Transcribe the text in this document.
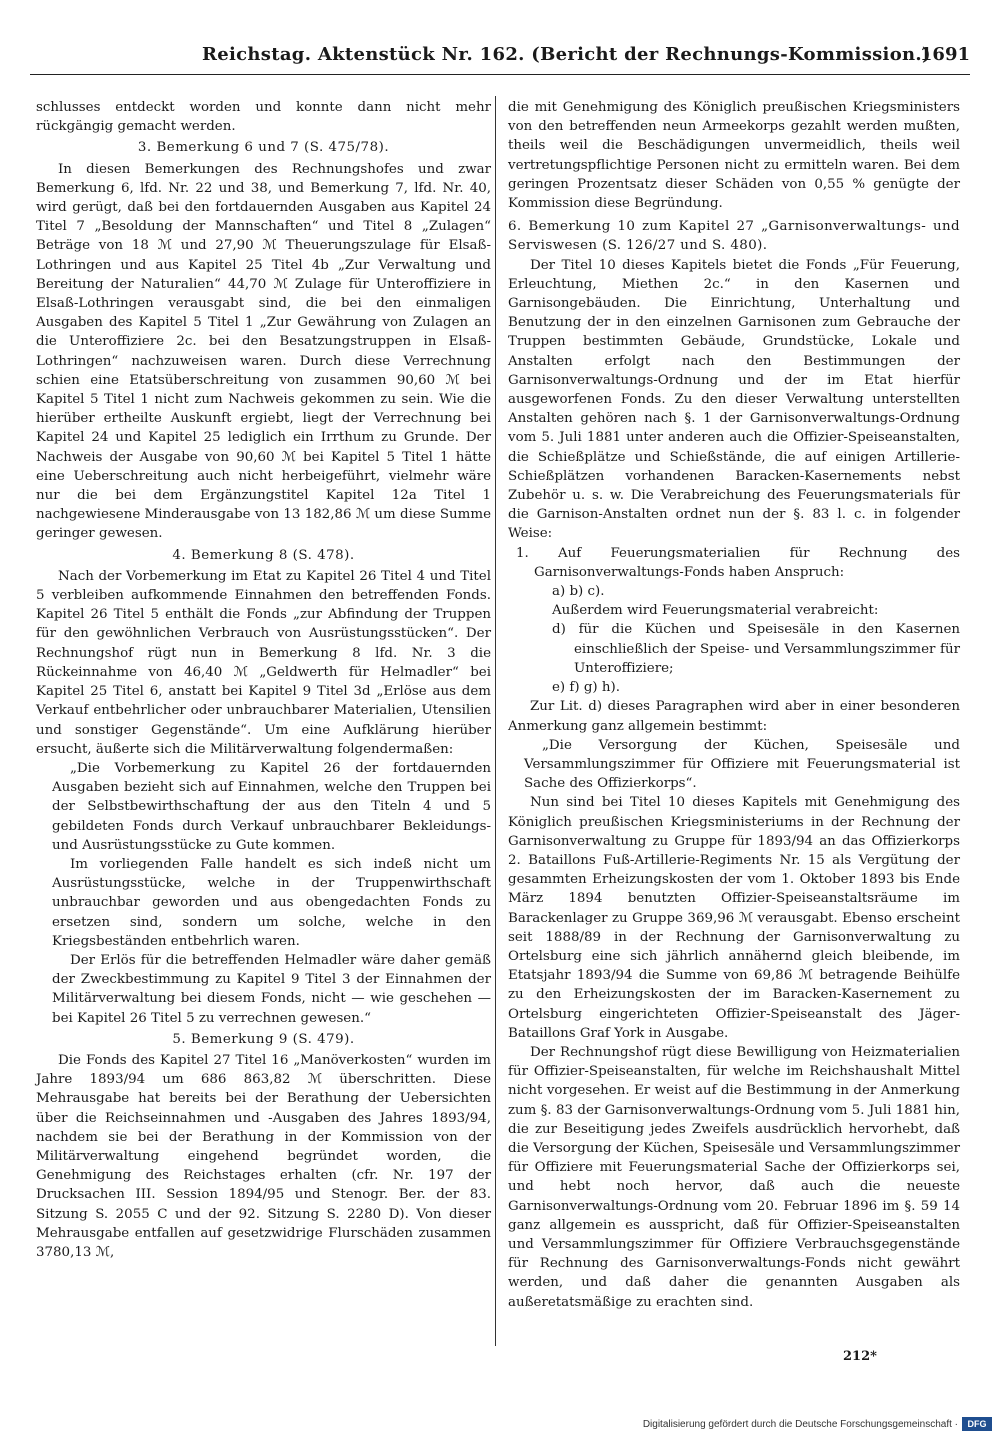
Reichstag. Aktenstück Nr. 162. (Bericht der Rechnungs-Kommission.)
1691

schlusses entdeckt worden und konnte dann nicht mehr rückgängig gemacht werden.

3. Bemerkung 6 und 7 (S. 475/78).

In diesen Bemerkungen des Rechnungshofes und zwar Bemerkung 6, lfd. Nr. 22 und 38, und Bemerkung 7, lfd. Nr. 40, wird gerügt, daß bei den fortdauernden Ausgaben aus Kapitel 24 Titel 7 „Besoldung der Mannschaften“ und Titel 8 „Zulagen“ Beträge von 18 ℳ und 27,90 ℳ Theuerungszulage für Elsaß-Lothringen und aus Kapitel 25 Titel 4b „Zur Verwaltung und Bereitung der Naturalien“ 44,70 ℳ Zulage für Unteroffiziere in Elsaß-Lothringen verausgabt sind, die bei den einmaligen Ausgaben des Kapitel 5 Titel 1 „Zur Gewährung von Zulagen an die Unteroffiziere 2c. bei den Besatzungstruppen in Elsaß-Lothringen“ nachzuweisen waren. Durch diese Verrechnung schien eine Etatsüberschreitung von zusammen 90,60 ℳ bei Kapitel 5 Titel 1 nicht zum Nachweis gekommen zu sein. Wie die hierüber ertheilte Auskunft ergiebt, liegt der Verrechnung bei Kapitel 24 und Kapitel 25 lediglich ein Irrthum zu Grunde. Der Nachweis der Ausgabe von 90,60 ℳ bei Kapitel 5 Titel 1 hätte eine Ueberschreitung auch nicht herbeigeführt, vielmehr wäre nur die bei dem Ergänzungstitel Kapitel 12a Titel 1 nachgewiesene Minderausgabe von 13 182,86 ℳ um diese Summe geringer gewesen.

4. Bemerkung 8 (S. 478).

Nach der Vorbemerkung im Etat zu Kapitel 26 Titel 4 und Titel 5 verbleiben aufkommende Einnahmen den betreffenden Fonds. Kapitel 26 Titel 5 enthält die Fonds „zur Abfindung der Truppen für den gewöhnlichen Verbrauch von Ausrüstungsstücken“. Der Rechnungshof rügt nun in Bemerkung 8 lfd. Nr. 3 die Rückeinnahme von 46,40 ℳ „Geldwerth für Helmadler“ bei Kapitel 25 Titel 6, anstatt bei Kapitel 9 Titel 3d „Erlöse aus dem Verkauf entbehrlicher oder unbrauchbarer Materialien, Utensilien und sonstiger Gegenstände“. Um eine Aufklärung hierüber ersucht, äußerte sich die Militärverwaltung folgendermaßen:

„Die Vorbemerkung zu Kapitel 26 der fortdauernden Ausgaben bezieht sich auf Einnahmen, welche den Truppen bei der Selbstbewirthschaftung der aus den Titeln 4 und 5 gebildeten Fonds durch Verkauf unbrauchbarer Bekleidungs- und Ausrüstungsstücke zu Gute kommen.

Im vorliegenden Falle handelt es sich indeß nicht um Ausrüstungsstücke, welche in der Truppenwirthschaft unbrauchbar geworden und aus obengedachten Fonds zu ersetzen sind, sondern um solche, welche in den Kriegsbeständen entbehrlich waren.

Der Erlös für die betreffenden Helmadler wäre daher gemäß der Zweckbestimmung zu Kapitel 9 Titel 3 der Einnahmen der Militärverwaltung bei diesem Fonds, nicht — wie geschehen — bei Kapitel 26 Titel 5 zu verrechnen gewesen.“

5. Bemerkung 9 (S. 479).

Die Fonds des Kapitel 27 Titel 16 „Manöverkosten“ wurden im Jahre 1893/94 um 686 863,82 ℳ überschritten. Diese Mehrausgabe hat bereits bei der Berathung der Uebersichten über die Reichseinnahmen und -Ausgaben des Jahres 1893/94, nachdem sie bei der Berathung in der Kommission von der Militärverwaltung eingehend begründet worden, die Genehmigung des Reichstages erhalten (cfr. Nr. 197 der Drucksachen III. Session 1894/95 und Stenogr. Ber. der 83. Sitzung S. 2055 C und der 92. Sitzung S. 2280 D). Von dieser Mehrausgabe entfallen auf gesetzwidrige Flurschäden zusammen 3780,13 ℳ,

die mit Genehmigung des Königlich preußischen Kriegsministers von den betreffenden neun Armeekorps gezahlt werden mußten, theils weil die Beschädigungen unvermeidlich, theils weil vertretungspflichtige Personen nicht zu ermitteln waren. Bei dem geringen Prozentsatz dieser Schäden von 0,55 % genügte der Kommission diese Begründung.

6. Bemerkung 10 zum Kapitel 27 „Garnisonverwaltungs- und Serviswesen (S. 126/27 und S. 480).

Der Titel 10 dieses Kapitels bietet die Fonds „Für Feuerung, Erleuchtung, Miethen 2c.“ in den Kasernen und Garnisongebäuden. Die Einrichtung, Unterhaltung und Benutzung der in den einzelnen Garnisonen zum Gebrauche der Truppen bestimmten Gebäude, Grundstücke, Lokale und Anstalten erfolgt nach den Bestimmungen der Garnisonverwaltungs-Ordnung und der im Etat hierfür ausgeworfenen Fonds. Zu den dieser Verwaltung unterstellten Anstalten gehören nach §. 1 der Garnisonverwaltungs-Ordnung vom 5. Juli 1881 unter anderen auch die Offizier-Speiseanstalten, die Schießplätze und Schießstände, die auf einigen Artillerie-Schießplätzen vorhandenen Baracken-Kasernements nebst Zubehör u. s. w. Die Verabreichung des Feuerungsmaterials für die Garnison-Anstalten ordnet nun der §. 83 l. c. in folgender Weise:

1. Auf Feuerungsmaterialien für Rechnung des Garnisonverwaltungs-Fonds haben Anspruch:

a) b) c).

Außerdem wird Feuerungsmaterial verabreicht:

d) für die Küchen und Speisesäle in den Kasernen einschließlich der Speise- und Versammlungszimmer für Unteroffiziere;

e) f) g) h).

Zur Lit. d) dieses Paragraphen wird aber in einer besonderen Anmerkung ganz allgemein bestimmt:

„Die Versorgung der Küchen, Speisesäle und Versammlungszimmer für Offiziere mit Feuerungsmaterial ist Sache des Offizierkorps“.

Nun sind bei Titel 10 dieses Kapitels mit Genehmigung des Königlich preußischen Kriegsministeriums in der Rechnung der Garnisonverwaltung zu Gruppe für 1893/94 an das Offizierkorps 2. Bataillons Fuß-Artillerie-Regiments Nr. 15 als Vergütung der gesammten Erheizungskosten der vom 1. Oktober 1893 bis Ende März 1894 benutzten Offizier-Speiseanstaltsräume im Barackenlager zu Gruppe 369,96 ℳ verausgabt. Ebenso erscheint seit 1888/89 in der Rechnung der Garnisonverwaltung zu Ortelsburg eine sich jährlich annähernd gleich bleibende, im Etatsjahr 1893/94 die Summe von 69,86 ℳ betragende Beihülfe zu den Erheizungskosten der im Baracken-Kasernement zu Ortelsburg eingerichteten Offizier-Speiseanstalt des Jäger-Bataillons Graf York in Ausgabe.

Der Rechnungshof rügt diese Bewilligung von Heizmaterialien für Offizier-Speiseanstalten, für welche im Reichshaushalt Mittel nicht vorgesehen. Er weist auf die Bestimmung in der Anmerkung zum §. 83 der Garnisonverwaltungs-Ordnung vom 5. Juli 1881 hin, die zur Beseitigung jedes Zweifels ausdrücklich hervorhebt, daß die Versorgung der Küchen, Speisesäle und Versammlungszimmer für Offiziere mit Feuerungsmaterial Sache der Offizierkorps sei, und hebt noch hervor, daß auch die neueste Garnisonverwaltungs-Ordnung vom 20. Februar 1896 im §. 59 14 ganz allgemein es ausspricht, daß für Offizier-Speiseanstalten und Versammlungszimmer für Offiziere Verbrauchsgegenstände für Rechnung des Garnisonverwaltungs-Fonds nicht gewährt werden, und daß daher die genannten Ausgaben als außeretatsmäßige zu erachten sind.

212*
Digitalisierung gefördert durch die Deutsche Forschungsgemeinschaft ·	DFG
